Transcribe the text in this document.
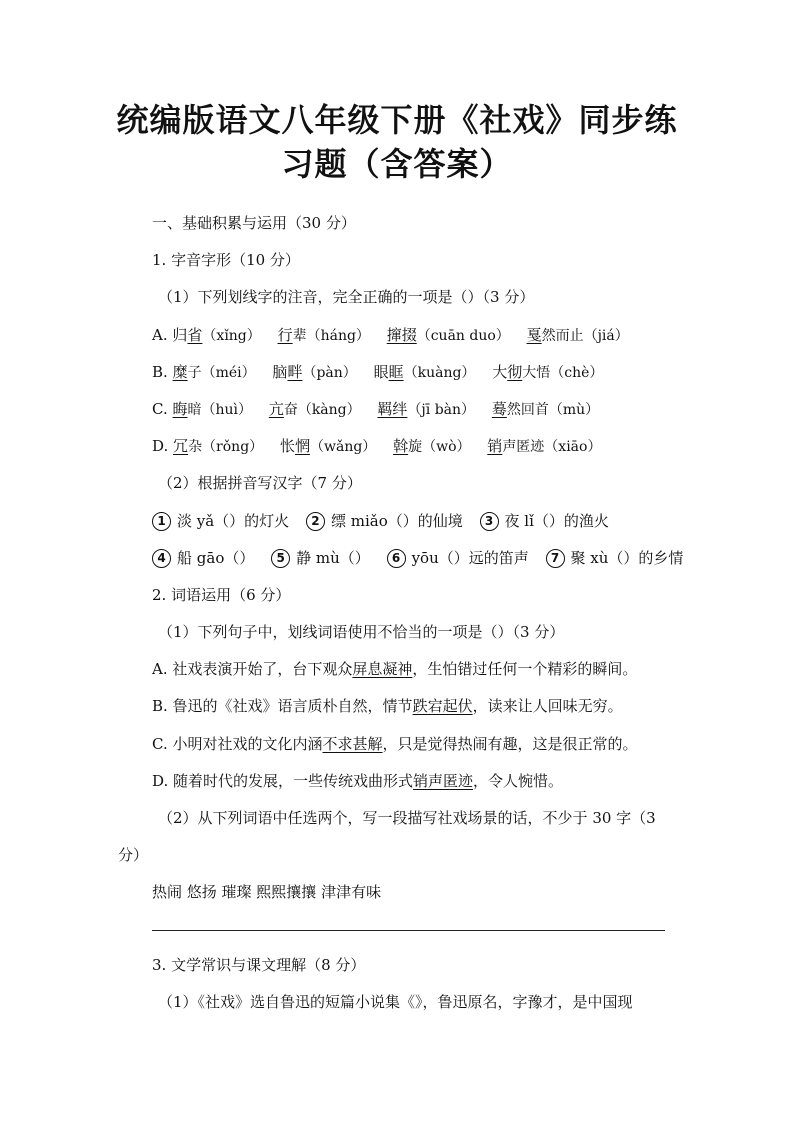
统编版语文八年级下册《社戏》同步练
习题（含答案）
一、基础积累与运用（30 分）
1. 字音字形（10 分）
（1）下列划线字的注音，完全正确的一项是（）（3 分）
A. 归省（xǐng） 行辈（háng） 撺掇（cuān duo） 戛然而止（jiá）
B. 糜子（méi） 脑畔（pàn） 眼眶（kuàng） 大彻大悟（chè）
C. 晦暗（huì） 亢奋（kàng） 羁绊（jī bàn） 蓦然回首（mù）
D. 冗杂（rǒng） 怅惘（wǎng） 斡旋（wò） 销声匿迹（xiāo）
（2）根据拼音写汉字（7 分）
1 淡 yǎ（）的灯火 2 缥 miǎo（）的仙境 3 夜 lǐ（）的渔火
4 船 gāo（） 5 静 mù（） 6 yōu（）远的笛声 7 聚 xù（）的乡情
2. 词语运用（6 分）
（1）下列句子中，划线词语使用不恰当的一项是（）（3 分）
A. 社戏表演开始了，台下观众屏息凝神，生怕错过任何一个精彩的瞬间。
B. 鲁迅的《社戏》语言质朴自然，情节跌宕起伏，读来让人回味无穷。
C. 小明对社戏的文化内涵不求甚解，只是觉得热闹有趣，这是很正常的。
D. 随着时代的发展，一些传统戏曲形式销声匿迹，令人惋惜。
（2）从下列词语中任选两个，写一段描写社戏场景的话，不少于 30 字（3
分）
热闹 悠扬 璀璨 熙熙攘攘 津津有味
3. 文学常识与课文理解（8 分）
（1）《社戏》选自鲁迅的短篇小说集《》，鲁迅原名，字豫才，是中国现
